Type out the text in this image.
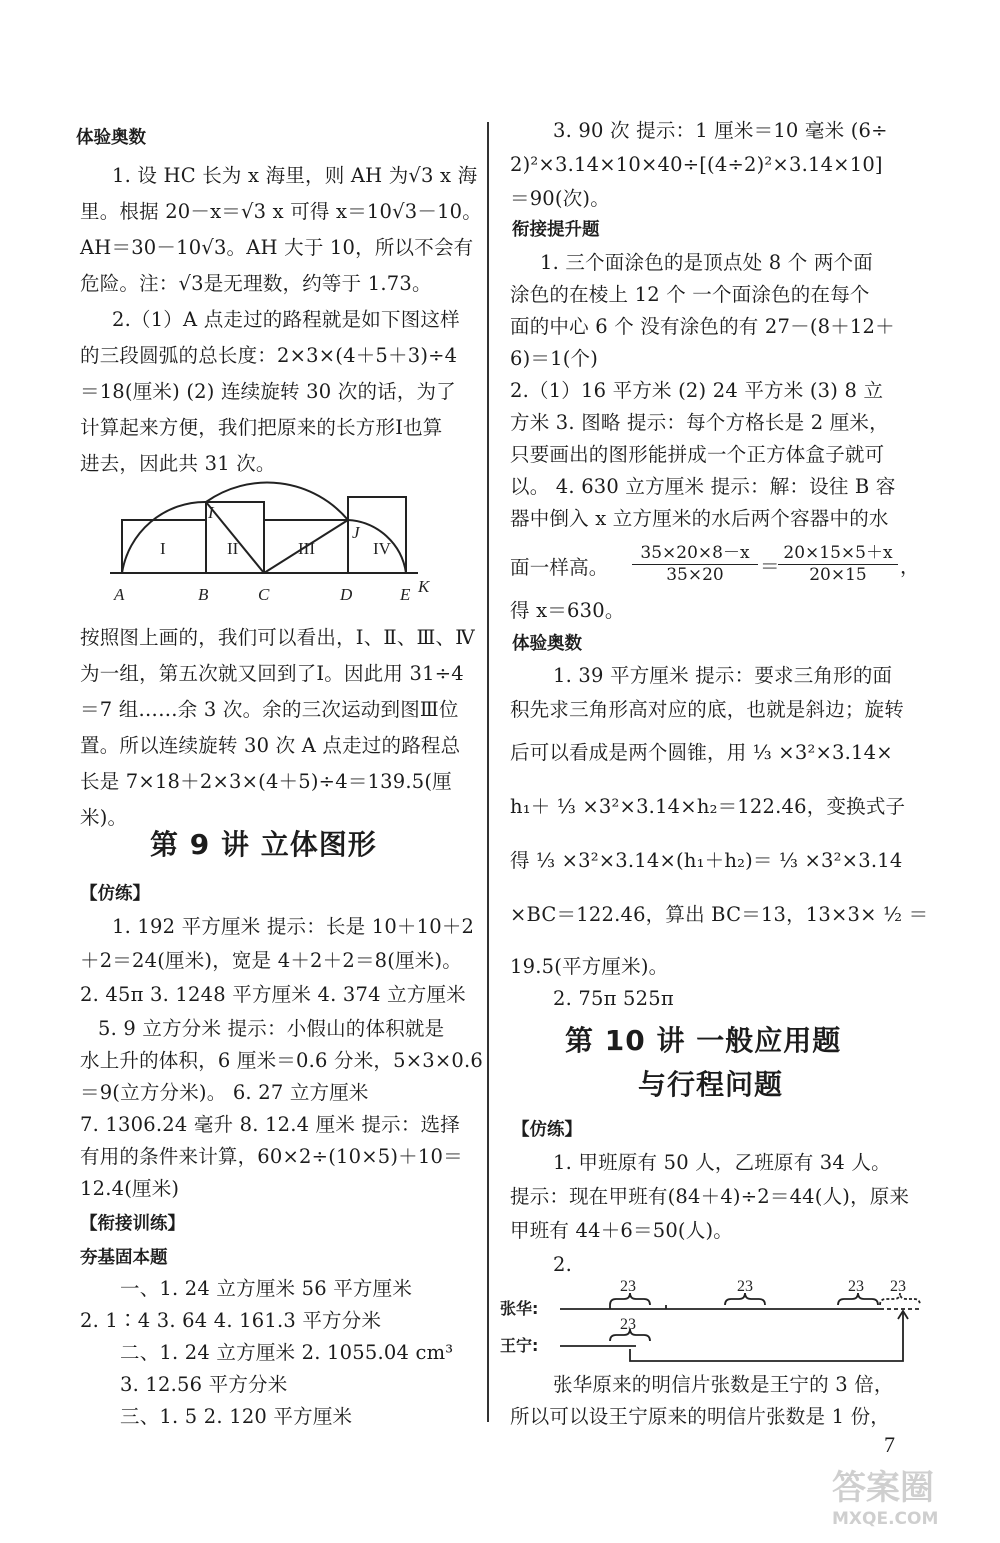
体验奥数
1. 设 HC 长为 x 海里，则 AH 为√3 x 海
里。根据 20－x＝√3 x 可得 x＝10√3－10。
AH＝30－10√3。AH 大于 10，所以不会有
危险。注：√3是无理数，约等于 1.73。
2.（1）A 点走过的路程就是如下图这样
的三段圆弧的总长度：2×3×(4＋5＋3)÷4
＝18(厘米) (2) 连续旋转 30 次的话，为了
计算起来方便，我们把原来的长方形Ⅰ也算
进去，因此共 31 次。
I	II	III	IV
I
J
A	B	C	D	E K
按照图上画的，我们可以看出，Ⅰ、Ⅱ、Ⅲ、Ⅳ
为一组，第五次就又回到了Ⅰ。因此用 31÷4
＝7 组……余 3 次。余的三次运动到图Ⅲ位
置。所以连续旋转 30 次 A 点走过的路程总
长是 7×18＋2×3×(4＋5)÷4＝139.5(厘
米)。
第 9 讲 立体图形
【仿练】
1. 192 平方厘米 提示：长是 10＋10＋2
＋2＝24(厘米)，宽是 4＋2＋2＝8(厘米)。
2. 45π 3. 1248 平方厘米 4. 374 立方厘米
5. 9 立方分米 提示：小假山的体积就是
水上升的体积，6 厘米＝0.6 分米，5×3×0.6
＝9(立方分米)。 6. 27 立方厘米
7. 1306.24 毫升 8. 12.4 厘米 提示：选择
有用的条件来计算，60×2÷(10×5)＋10＝
12.4(厘米)
【衔接训练】
夯基固本题
一、1. 24 立方厘米 56 平方厘米
2. 1∶4 3. 64 4. 161.3 平方分米
二、1. 24 立方厘米 2. 1055.04 cm³
3. 12.56 平方分米
三、1. 5 2. 120 平方厘米
3. 90 次 提示：1 厘米＝10 毫米 (6÷
2)²×3.14×10×40÷[(4÷2)²×3.14×10]
＝90(次)。
衔接提升题
1. 三个面涂色的是顶点处 8 个 两个面
涂色的在棱上 12 个 一个面涂色的在每个
面的中心 6 个 没有涂色的有 27－(8＋12＋
6)＝1(个)
2.（1）16 平方米 (2) 24 平方米 (3) 8 立
方米 3. 图略 提示：每个方格长是 2 厘米，
只要画出的图形能拼成一个正方体盒子就可
以。 4. 630 立方厘米 提示：解：设往 B 容
器中倒入 x 立方厘米的水后两个容器中的水
面一样高。 $\frac{35\times 20\times 8-x}{35\times 20}$ ＝
$\frac{20\times 15\times 5+x}{20\times 15}$ ，
得 x＝630。
体验奥数
1. 39 平方厘米 提示：要求三角形的面
积先求三角形高对应的底，也就是斜边；旋转
后可以看成是两个圆锥，用 ⅓ ×3²×3.14×
h₁＋ ⅓ ×3²×3.14×h₂＝122.46，变换式子
得 ⅓ ×3²×3.14×(h₁＋h₂)＝ ⅓ ×3²×3.14
×BC＝122.46，算出 BC＝13，13×3× ½ ＝
19.5(平方厘米)。
2. 75π 525π
第 10 讲 一般应用题
与行程问题
【仿练】
1. 甲班原有 50 人，乙班原有 34 人。
提示：现在甲班有(84＋4)÷2＝44(人)，原来
甲班有 44＋6＝50(人)。
2.
23	23	23 23
23
张华:
王宁:
张华原来的明信片张数是王宁的 3 倍，
所以可以设王宁原来的明信片张数是 1 份，
7
答案圈
MXQE.COM
